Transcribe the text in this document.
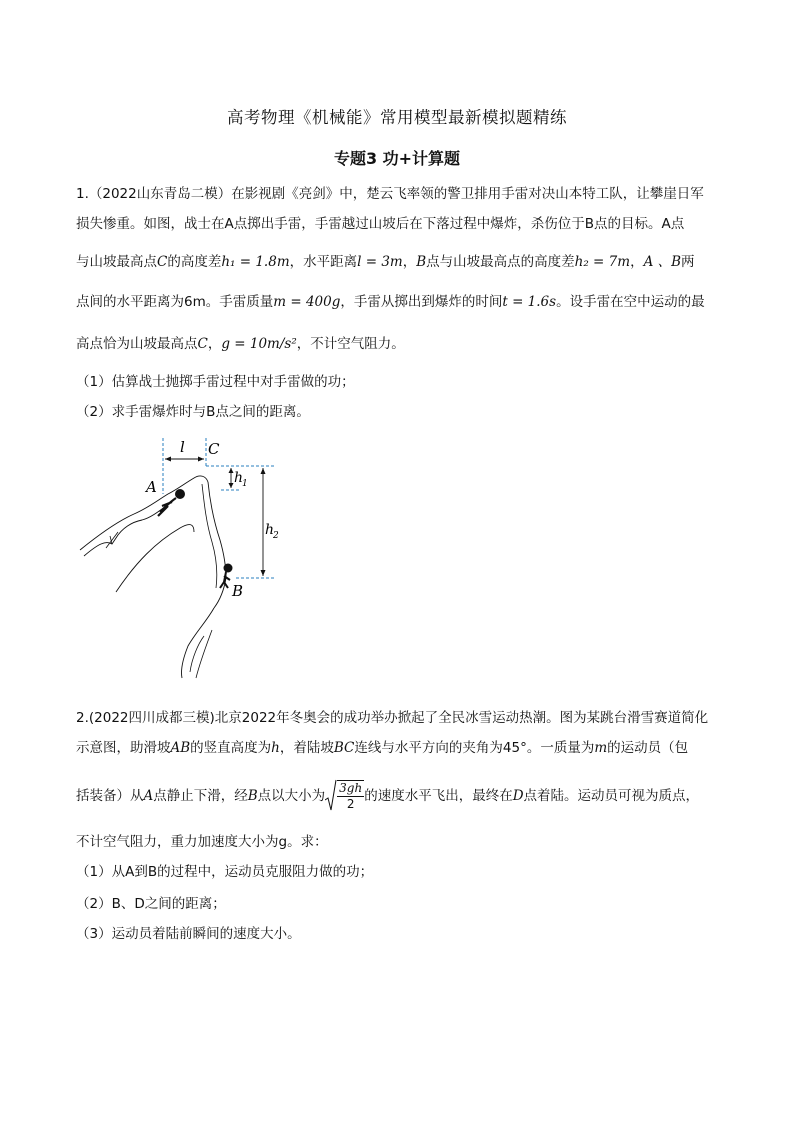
高考物理《机械能》常用模型最新模拟题精练
专题3 功+计算题
1.（2022山东青岛二模）在影视剧《亮剑》中，楚云飞率领的警卫排用手雷对决山本特工队，让攀崖日军
损失惨重。如图，战士在A点掷出手雷，手雷越过山坡后在下落过程中爆炸，杀伤位于B点的目标。A点
与山坡最高点C的高度差h₁ = 1.8m，水平距离l = 3m，B点与山坡最高点的高度差h₂ = 7m，A 、B两
点间的水平距离为6m。手雷质量m = 400g，手雷从掷出到爆炸的时间t = 1.6s。设手雷在空中运动的最
高点恰为山坡最高点C，g = 10m/s²，不计空气阻力。
（1）估算战士抛掷手雷过程中对手雷做的功；
（2）求手雷爆炸时与B点之间的距离。
l C
A	h
1
h
2
B
2.(2022四川成都三模)北京2022年冬奥会的成功举办掀起了全民冰雪运动热潮。图为某跳台滑雪赛道简化
示意图，助滑坡AB的竖直高度为h，着陆坡BC连线与水平方向的夹角为45°。一质量为m的运动员（包
括装备）从A点静止下滑，经B点以大小为 $\frac{3gh}{2}$ 的速度水平飞出，最终在D点着陆。运动员可视为质点，
不计空气阻力，重力加速度大小为g。求：
（1）从A到B的过程中，运动员克服阻力做的功；
（2）B、D之间的距离；
（3）运动员着陆前瞬间的速度大小。
